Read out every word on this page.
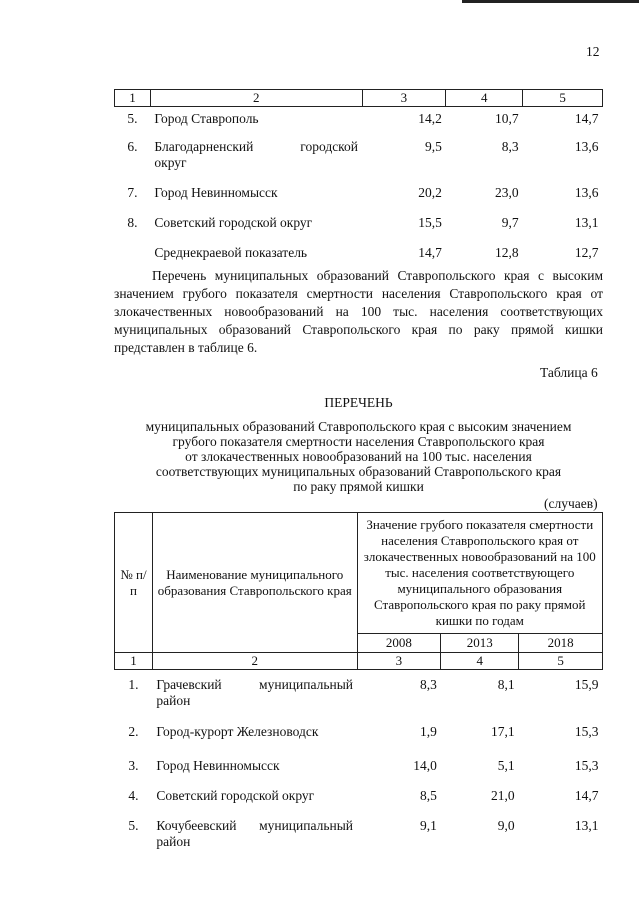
12
1	2	3	4	5
5.	Город Ставрополь	14,2	10,7	14,7
6.	Благодарненский городской
округ	9,5	8,3	13,6
7.	Город Невинномысск	20,2	23,0	13,6
8.	Советский городской округ	15,5	9,7	13,1
	Среднекраевой показатель	14,7	12,8	12,7
Перечень муниципальных образований Ставропольского края с высоким значением грубого показателя смертности населения Ставропольского края от злокачественных новообразований на 100 тыс. населения соответствующих муниципальных образований Ставропольского края по раку прямой кишки представлен в таблице 6.
Таблица 6
ПЕРЕЧЕНЬ
муниципальных образований Ставропольского края с высоким значением
грубого показателя смертности населения Ставропольского края
от злокачественных новообразований на 100 тыс. населения
соответствующих муниципальных образований Ставропольского края
по раку прямой кишки
(случаев)
№ п/п	Наименование муниципального образования Ставропольского края	Значение грубого показателя смертности населения Ставропольского края от злокачественных новообразований на 100 тыс. населения соответствующего муниципального образования Ставропольского края по раку прямой кишки по годам		
		2008	2013	2018
1	2	3	4	5
1.	Грачевский муниципальный
район	8,3	8,1	15,9
2.	Город-курорт Железноводск	1,9	17,1	15,3
3.	Город Невинномысск	14,0	5,1	15,3
4.	Советский городской округ	8,5	21,0	14,7
5.	Кочубеевский муниципальный
район	9,1	9,0	13,1
